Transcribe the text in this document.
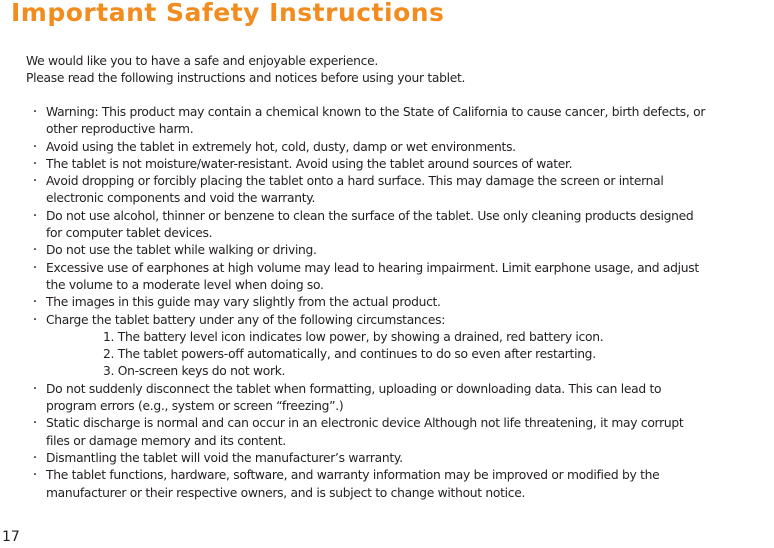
Important Safety Instructions
We would like you to have a safe and enjoyable experience.
Please read the following instructions and notices before using your tablet.
・ Warning: This product may contain a chemical known to the State of California to cause cancer, birth defects, or
other reproductive harm.
・ Avoid using the tablet in extremely hot, cold, dusty, damp or wet environments.
・ The tablet is not moisture/water-resistant. Avoid using the tablet around sources of water.
・ Avoid dropping or forcibly placing the tablet onto a hard surface. This may damage the screen or internal
electronic components and void the warranty.
・ Do not use alcohol, thinner or benzene to clean the surface of the tablet. Use only cleaning products designed
for computer tablet devices.
・ Do not use the tablet while walking or driving.
・ Excessive use of earphones at high volume may lead to hearing impairment. Limit earphone usage, and adjust
the volume to a moderate level when doing so.
・ The images in this guide may vary slightly from the actual product.
・ Charge the tablet battery under any of the following circumstances:
1. The battery level icon indicates low power, by showing a drained, red battery icon.
2. The tablet powers-off automatically, and continues to do so even after restarting.
3. On-screen keys do not work.
・ Do not suddenly disconnect the tablet when formatting, uploading or downloading data. This can lead to
program errors (e.g., system or screen “freezing”.)
・ Static discharge is normal and can occur in an electronic device Although not life threatening, it may corrupt
files or damage memory and its content.
・ Dismantling the tablet will void the manufacturer’s warranty.
・ The tablet functions, hardware, software, and warranty information may be improved or modified by the
manufacturer or their respective owners, and is subject to change without notice.
17
